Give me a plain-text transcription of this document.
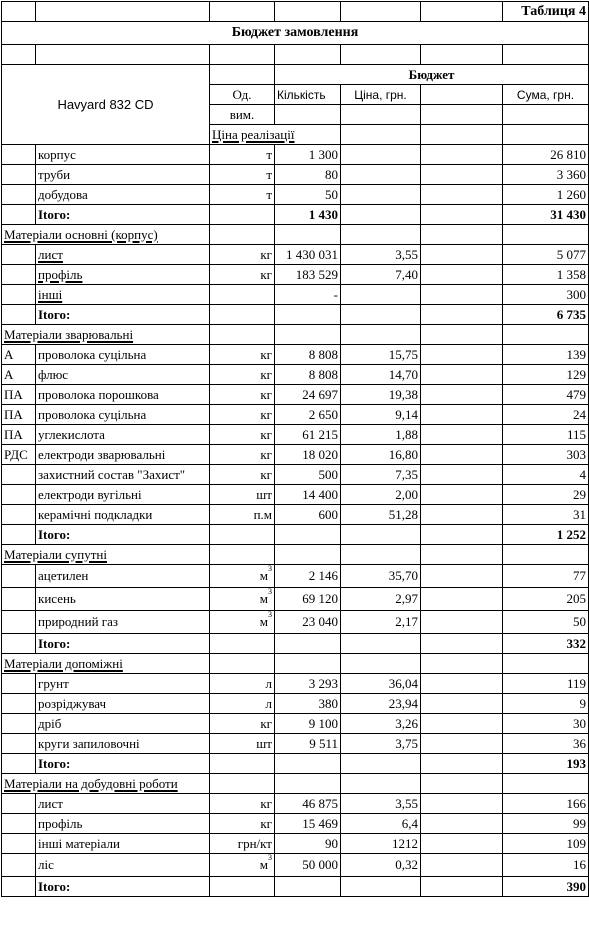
						Таблиця 4	
Бюджет замовлення							

Havyard 832 CD			Бюджет				
		Од.	Кількість	Ціна, грн.		Сума, грн.	
		вим.					
		Ціна реалізації					
	корпус	т	1 300			26 810	
	труби	т	80			3 360	
	добудова	т	50			1 260	
	Itого:		1 430			31 430	
Матеріали основні (корпус)							
	лист	кг	1 430 031	3,55		5 077	
	профіль	кг	183 529	7,40		1 358	
	інші		-			300	
	Itого:					6 735	
Матеріали зварювальні							
А	проволока суцільна	кг	8 808	15,75		139	
А	флюс	кг	8 808	14,70		129	
ПА	проволока порошкова	кг	24 697	19,38		479	
ПА	проволока суцільна	кг	2 650	9,14		24	
ПА	углекислота	кг	61 215	1,88		115	
РДС	електроди зварювальні	кг	18 020	16,80		303	
	захистний состав "Захист"	кг	500	7,35		4	
	електроди вугільні	шт	14 400	2,00		29	
	керамічні подкладки	п.м	600	51,28		31	
	Itого:					1 252	
Матеріали супутні							
	ацетилен	$м^3$	2 146	35,70		77	
	кисень	$м^3$	69 120	2,97		205	
	природний газ	$м^3$	23 040	2,17		50	
	Itого:					332	
Матеріали допоміжні							
	грунт	л	3 293	36,04		119	
	розріджувач	л	380	23,94		9	
	дріб	кг	9 100	3,26		30	
	круги запиловочні	шт	9 511	3,75		36	
	Itого:					193	
Матеріали на добудовні роботи							
	лист	кг	46 875	3,55		166	
	профіль	кг	15 469	6,4		99	
	інші матеріали	грн/кт	90	1212		109	
	ліс	$м^3$	50 000	0,32		16	
	Itого:					390	
